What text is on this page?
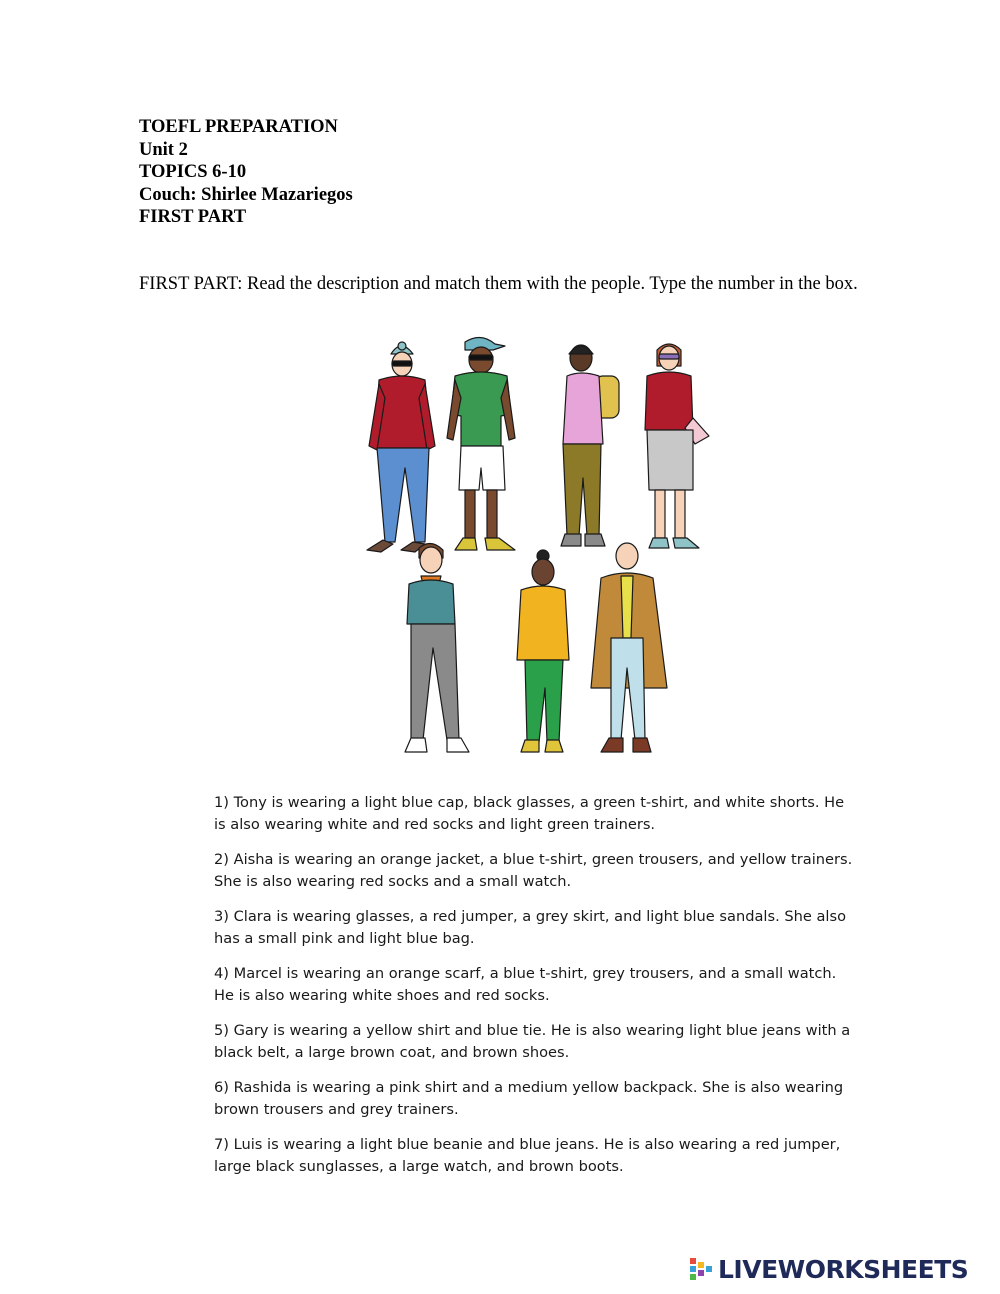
TOEFL PREPARATION
Unit 2
TOPICS 6-10
Couch: Shirlee Mazariegos
FIRST PART
FIRST PART: Read the description and match them with the people. Type the number in the box.

1) Tony is wearing a light blue cap, black glasses, a green t-shirt, and white shorts. He is also wearing white and red socks and light green trainers.

2) Aisha is wearing an orange jacket, a blue t-shirt, green trousers, and yellow trainers. She is also wearing red socks and a small watch.

3) Clara is wearing glasses, a red jumper, a grey skirt, and light blue sandals. She also has a small pink and light blue bag.

4) Marcel is wearing an orange scarf, a blue t-shirt, grey trousers, and a small watch. He is also wearing white shoes and red socks.

5) Gary is wearing a yellow shirt and blue tie. He is also wearing light blue jeans with a black belt, a large brown coat, and brown shoes.

6) Rashida is wearing a pink shirt and a medium yellow backpack. She is also wearing brown trousers and grey trainers.

7) Luis is wearing a light blue beanie and blue jeans. He is also wearing a red jumper, large black sunglasses, a large watch, and brown boots.

LIVEWORKSHEETS
